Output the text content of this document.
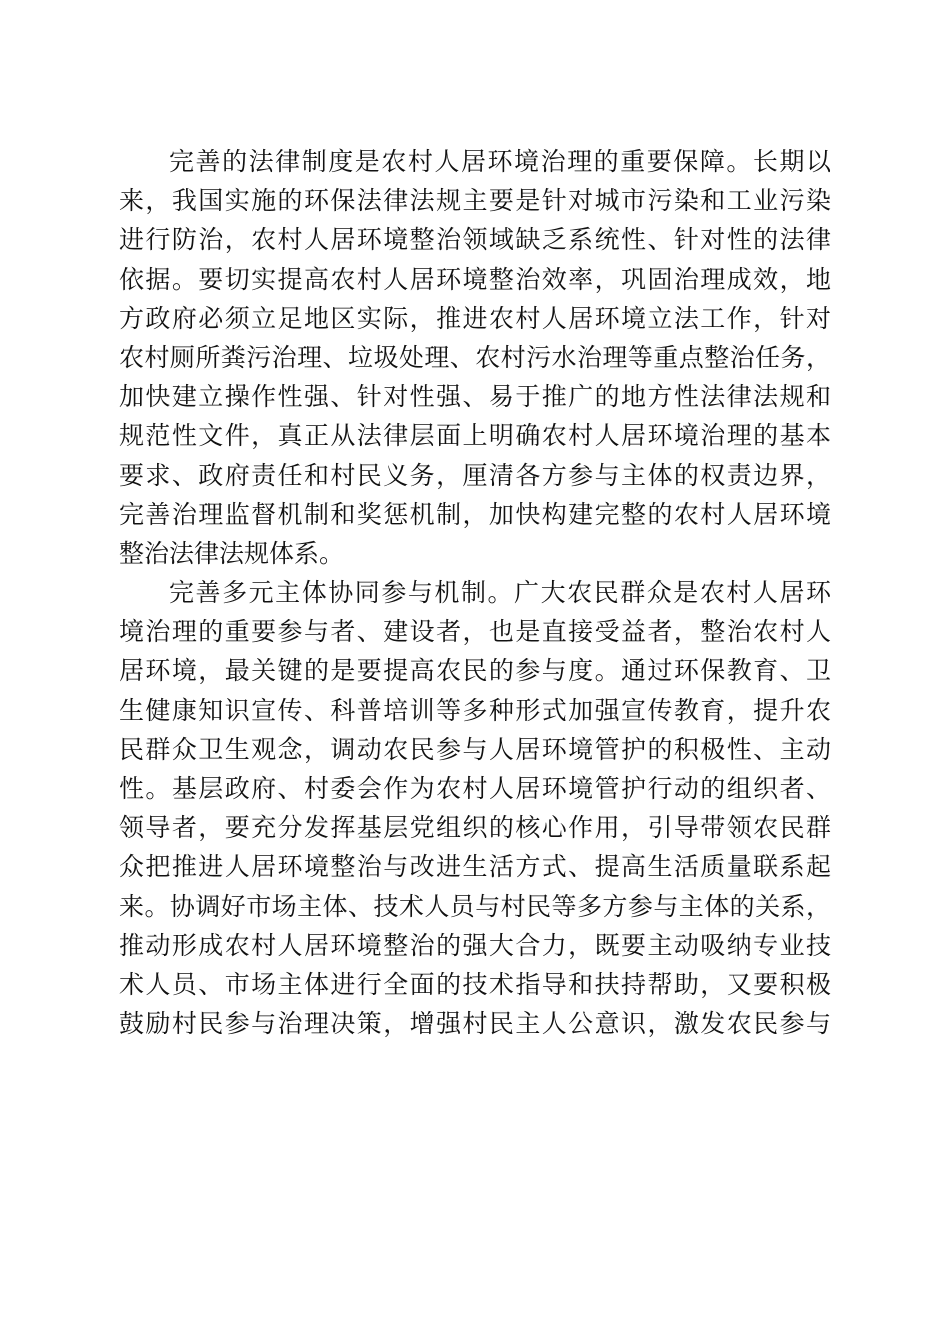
完善的法律制度是农村人居环境治理的重要保障。长期以
来，我国实施的环保法律法规主要是针对城市污染和工业污染
进行防治，农村人居环境整治领域缺乏系统性、针对性的法律
依据。要切实提高农村人居环境整治效率，巩固治理成效，地
方政府必须立足地区实际，推进农村人居环境立法工作，针对
农村厕所粪污治理、垃圾处理、农村污水治理等重点整治任务，
加快建立操作性强、针对性强、易于推广的地方性法律法规和
规范性文件，真正从法律层面上明确农村人居环境治理的基本
要求、政府责任和村民义务，厘清各方参与主体的权责边界，
完善治理监督机制和奖惩机制，加快构建完整的农村人居环境
整治法律法规体系。
完善多元主体协同参与机制。广大农民群众是农村人居环
境治理的重要参与者、建设者，也是直接受益者，整治农村人
居环境，最关键的是要提高农民的参与度。通过环保教育、卫
生健康知识宣传、科普培训等多种形式加强宣传教育，提升农
民群众卫生观念，调动农民参与人居环境管护的积极性、主动
性。基层政府、村委会作为农村人居环境管护行动的组织者、
领导者，要充分发挥基层党组织的核心作用，引导带领农民群
众把推进人居环境整治与改进生活方式、提高生活质量联系起
来。协调好市场主体、技术人员与村民等多方参与主体的关系，
推动形成农村人居环境整治的强大合力，既要主动吸纳专业技
术人员、市场主体进行全面的技术指导和扶持帮助，又要积极
鼓励村民参与治理决策，增强村民主人公意识，激发农民参与
